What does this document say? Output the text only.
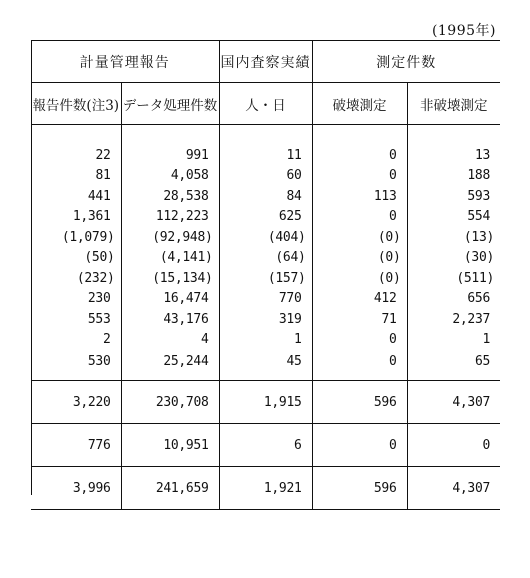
(1995年)
計量管理報告		国内査察実績	測定件数	
報告件数(注3)	データ処理件数	人・日	破壊測定	非破壊測定

22	991	11	0	13
81	4,058	60	0	188
441	28,538	84	113	593
1,361	112,223	625	0	554
(1,079)	(92,948)	(404)	(0)	(13)
(50)	(4,141)	(64)	(0)	(30)
(232)	(15,134)	(157)	(0)	(511)
230	16,474	770	412	656
553	43,176	319	71	2,237
2	4	1	0	1
530	25,244	45	0	65
3,220	230,708	1,915	596	4,307
776	10,951	6	0	0
3,996	241,659	1,921	596	4,307
